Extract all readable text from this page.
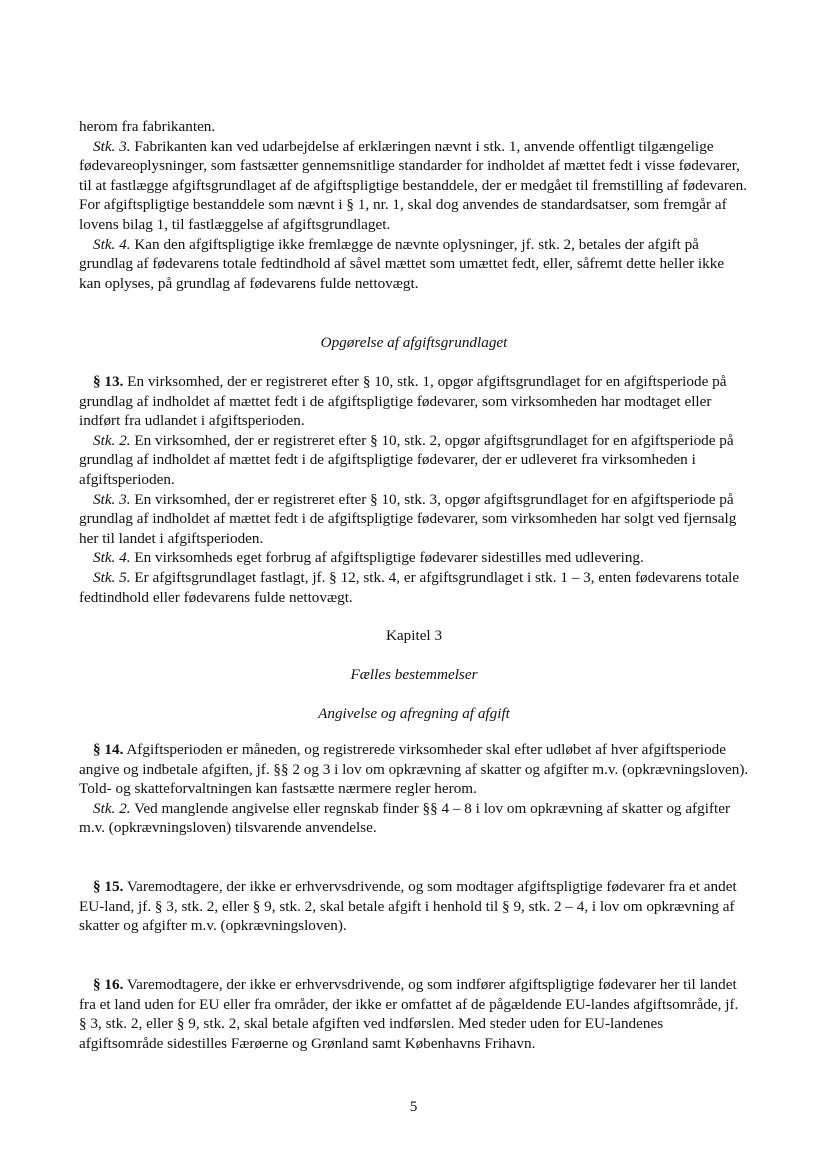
herom fra fabrikanten.

Stk. 3. Fabrikanten kan ved udarbejdelse af erklæringen nævnt i stk. 1, anvende offentligt tilgængelige fødevareoplysninger, som fastsætter gennemsnitlige standarder for indholdet af mættet fedt i visse fødevarer, til at fastlægge afgiftsgrundlaget af de afgiftspligtige bestanddele, der er medgået til fremstilling af fødevaren. For afgiftspligtige bestanddele som nævnt i § 1, nr. 1, skal dog anvendes de standardsatser, som fremgår af lovens bilag 1, til fastlæggelse af afgiftsgrundlaget.

Stk. 4. Kan den afgiftspligtige ikke fremlægge de nævnte oplysninger, jf. stk. 2, betales der afgift på grundlag af fødevarens totale fedtindhold af såvel mættet som umættet fedt, eller, såfremt dette heller ikke kan oplyses, på grundlag af fødevarens fulde nettovægt.

Opgørelse af afgiftsgrundlaget

§ 13. En virksomhed, der er registreret efter § 10, stk. 1, opgør afgiftsgrundlaget for en afgiftsperiode på grundlag af indholdet af mættet fedt i de afgiftspligtige fødevarer, som virksomheden har modtaget eller indført fra udlandet i afgiftsperioden.

Stk. 2. En virksomhed, der er registreret efter § 10, stk. 2, opgør afgiftsgrundlaget for en afgiftsperiode på grundlag af indholdet af mættet fedt i de afgiftspligtige fødevarer, der er udleveret fra virksomheden i afgiftsperioden.

Stk. 3. En virksomhed, der er registreret efter § 10, stk. 3, opgør afgiftsgrundlaget for en afgiftsperiode på grundlag af indholdet af mættet fedt i de afgiftspligtige fødevarer, som virksomheden har solgt ved fjernsalg her til landet i afgiftsperioden.

Stk. 4. En virksomheds eget forbrug af afgiftspligtige fødevarer sidestilles med udlevering.

Stk. 5. Er afgiftsgrundlaget fastlagt, jf. § 12, stk. 4, er afgiftsgrundlaget i stk. 1 – 3, enten fødevarens totale fedtindhold eller fødevarens fulde nettovægt.

Kapitel 3
Fælles bestemmelser
Angivelse og afregning af afgift

§ 14. Afgiftsperioden er måneden, og registrerede virksomheder skal efter udløbet af hver afgiftsperiode angive og indbetale afgiften, jf. §§ 2 og 3 i lov om opkrævning af skatter og afgifter m.v. (opkrævningsloven). Told- og skatteforvaltningen kan fastsætte nærmere regler herom.

Stk. 2. Ved manglende angivelse eller regnskab finder §§ 4 – 8 i lov om opkrævning af skatter og afgifter m.v. (opkrævningsloven) tilsvarende anvendelse.

§ 15. Varemodtagere, der ikke er erhvervsdrivende, og som modtager afgiftspligtige fødevarer fra et andet EU-land, jf. § 3, stk. 2, eller § 9, stk. 2, skal betale afgift i henhold til § 9, stk. 2 – 4, i lov om opkrævning af skatter og afgifter m.v. (opkrævningsloven).

§ 16. Varemodtagere, der ikke er erhvervsdrivende, og som indfører afgiftspligtige fødevarer her til landet fra et land uden for EU eller fra områder, der ikke er omfattet af de pågældende EU-landes afgiftsområde, jf. § 3, stk. 2, eller § 9, stk. 2, skal betale afgiften ved indførslen. Med steder uden for EU-landenes afgiftsområde sidestilles Færøerne og Grønland samt Københavns Frihavn.

5
